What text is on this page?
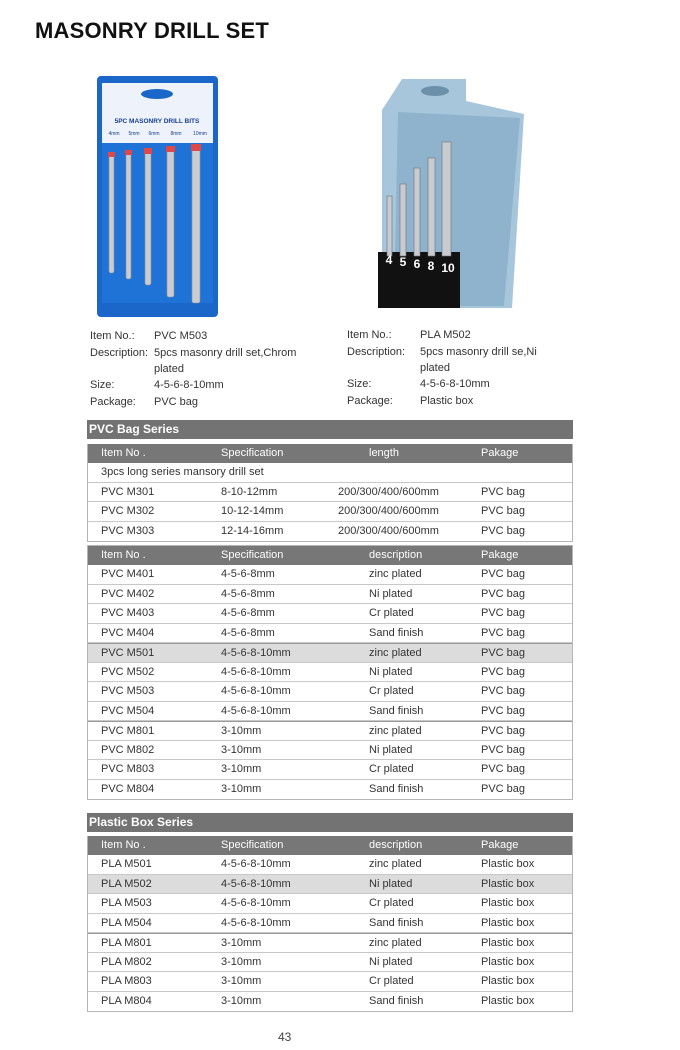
MASONRY DRILL SET
5PC MASONRY DRILL BITS
4mm 5mm 6mm 8mm 10mm
4 5 6 8 10
Item No.: PVC M503
Description: 5pcs masonry drill set,Chrom
plated
Size:	4-5-6-8-10mm
Package: PVC bag
Item No.:	PLA M502
Description: 5pcs masonry drill se,Ni
plated
Size:	4-5-6-8-10mm
Package: Plastic box
PVC Bag Series
Item No .	Specification	length	Pakage
3pcs long series mansory drill set
PVC M301	8-10-12mm	200/300/400/600mm	PVC bag
PVC M302	10-12-14mm	200/300/400/600mm	PVC bag
PVC M303	12-14-16mm	200/300/400/600mm	PVC bag
Item No .	Specification	description	Pakage
PVC M401	4-5-6-8mm	zinc plated	PVC bag
PVC M402	4-5-6-8mm	Ni plated	PVC bag
PVC M403	4-5-6-8mm	Cr plated	PVC bag
PVC M404	4-5-6-8mm	Sand finish	PVC bag
PVC M501	4-5-6-8-10mm	zinc plated	PVC bag
PVC M502	4-5-6-8-10mm	Ni plated	PVC bag
PVC M503	4-5-6-8-10mm	Cr plated	PVC bag
PVC M504	4-5-6-8-10mm	Sand finish	PVC bag
PVC M801	3-10mm	zinc plated	PVC bag
PVC M802	3-10mm	Ni plated	PVC bag
PVC M803	3-10mm	Cr plated	PVC bag
PVC M804	3-10mm	Sand finish	PVC bag
Plastic Box Series
Item No .	Specification	description	Pakage
PLA M501	4-5-6-8-10mm	zinc plated	Plastic box
PLA M502	4-5-6-8-10mm	Ni plated	Plastic box
PLA M503	4-5-6-8-10mm	Cr plated	Plastic box
PLA M504	4-5-6-8-10mm	Sand finish	Plastic box
PLA M801	3-10mm	zinc plated	Plastic box
PLA M802	3-10mm	Ni plated	Plastic box
PLA M803	3-10mm	Cr plated	Plastic box
PLA M804	3-10mm	Sand finish	Plastic box
43
